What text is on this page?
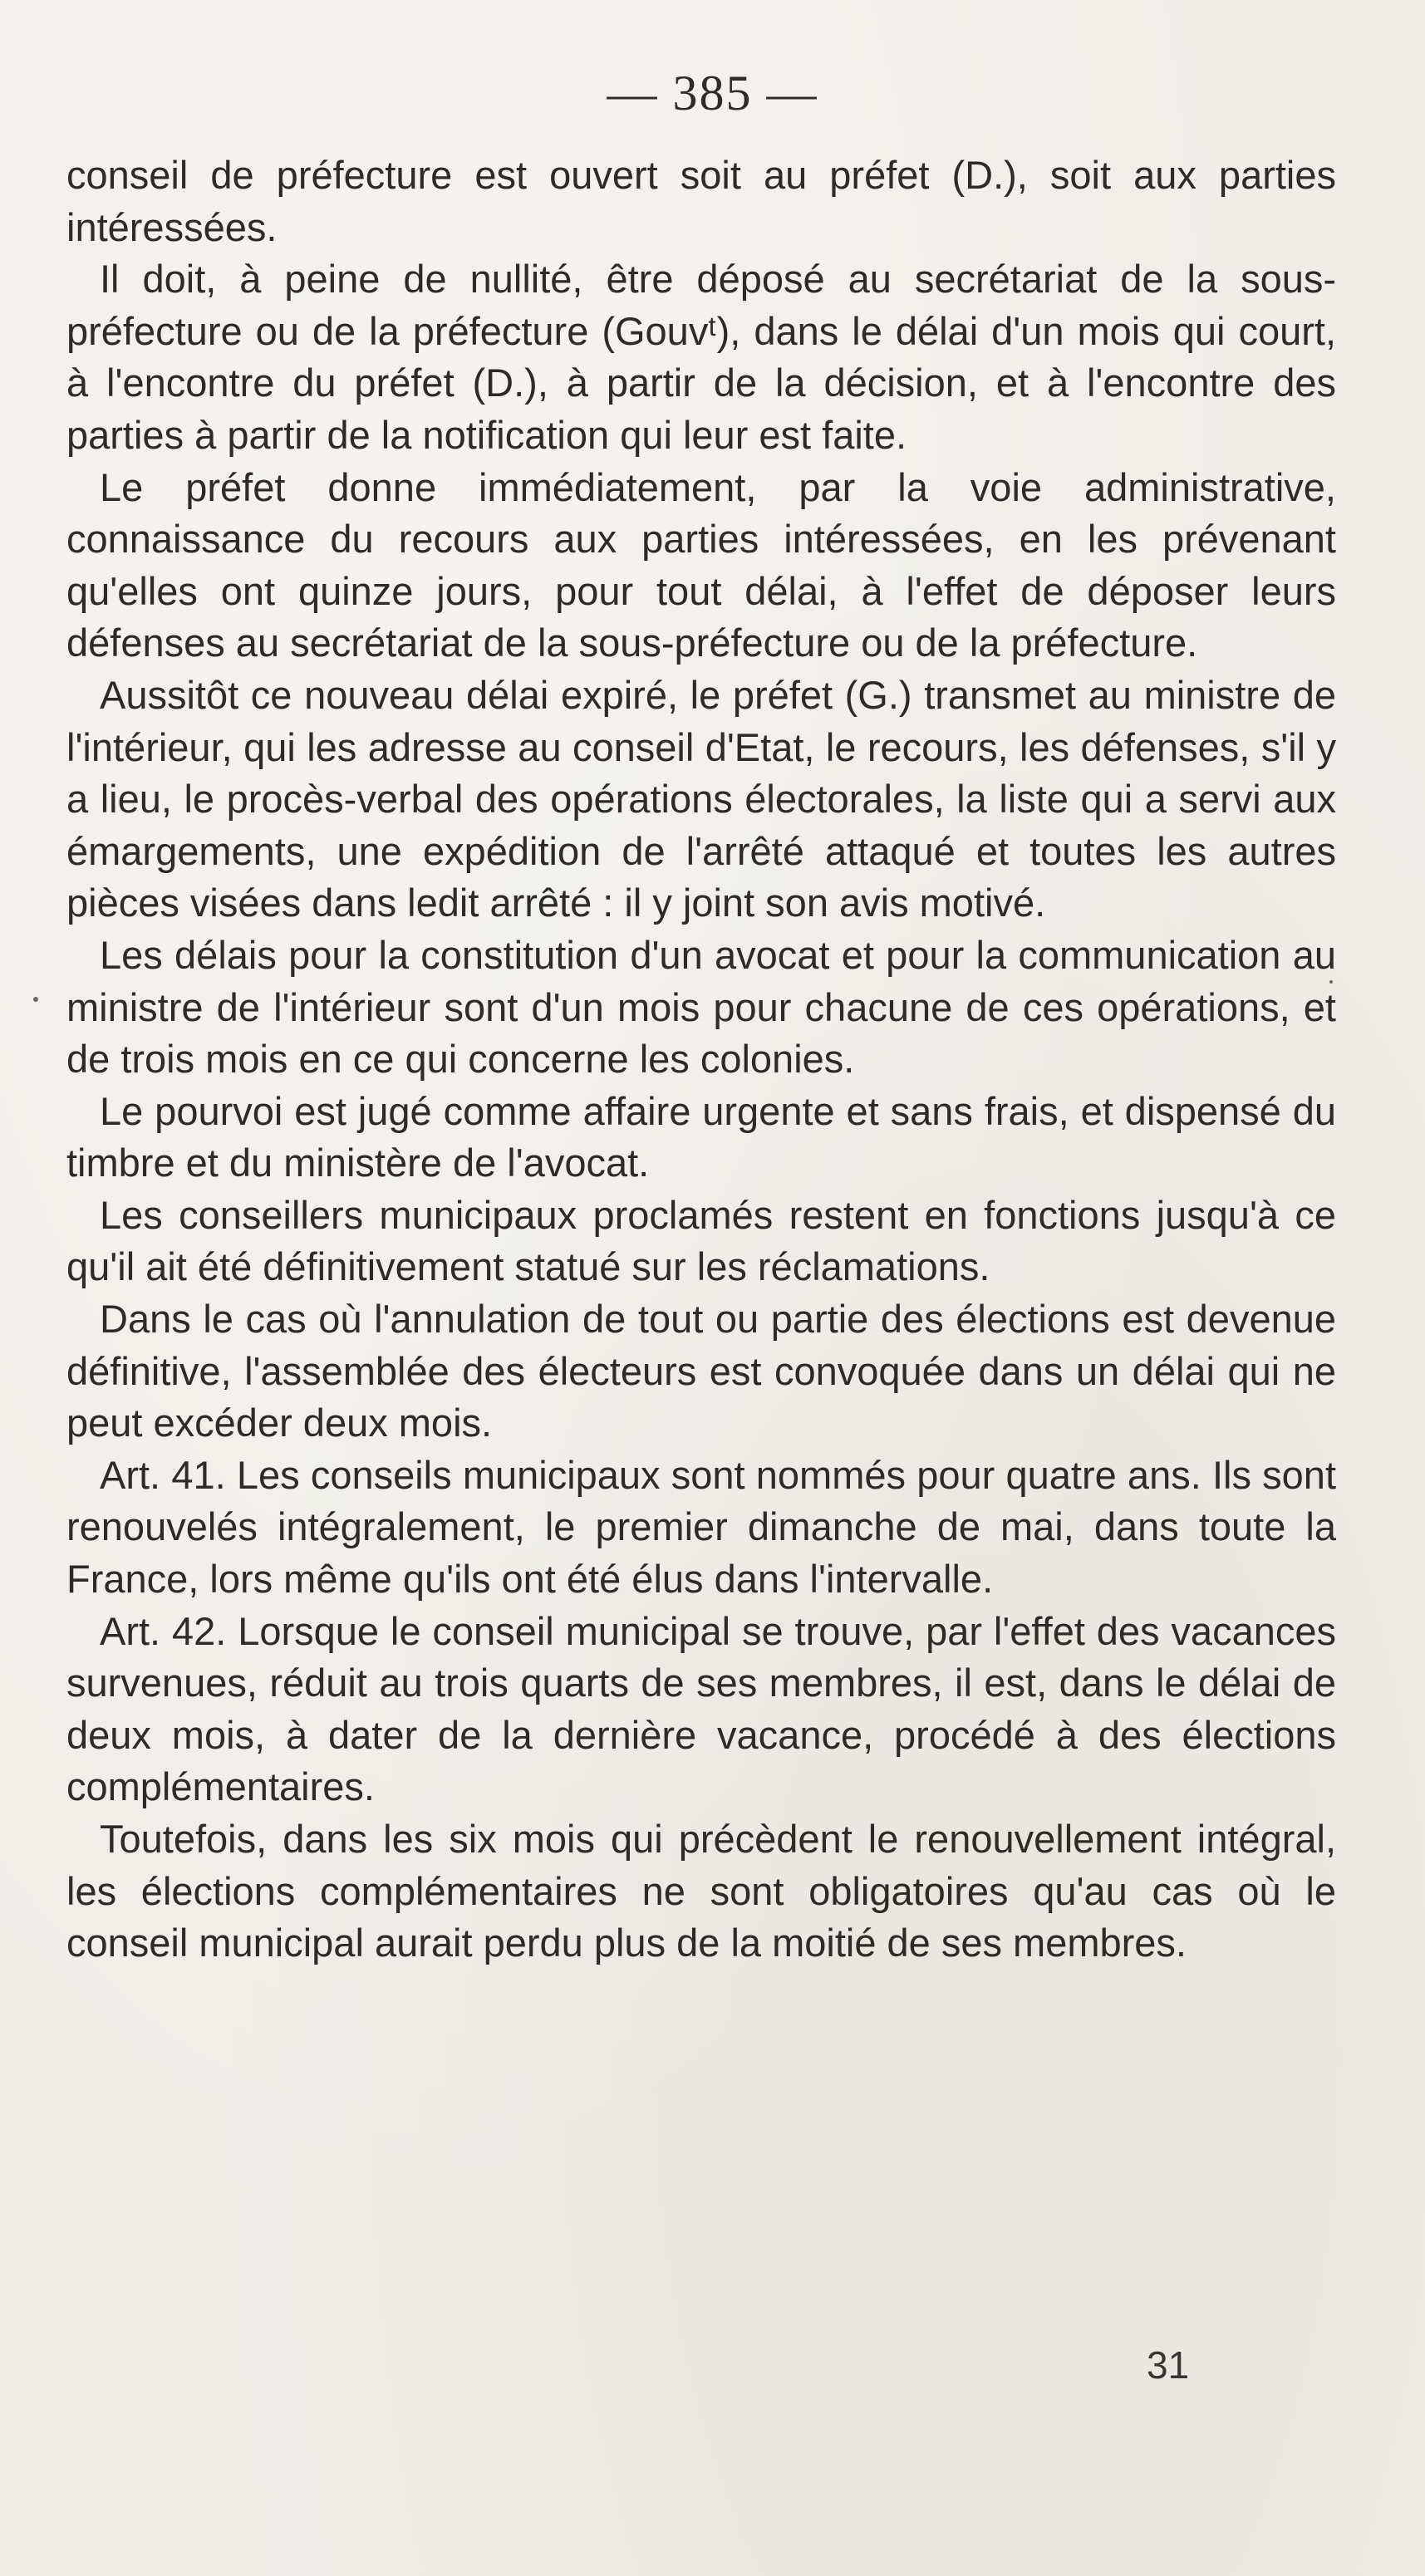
— 385 —

conseil de préfecture est ouvert soit au préfet (D.), soit aux parties intéressées.

Il doit, à peine de nullité, être déposé au secrétariat de la sous-préfecture ou de la préfecture (Gouvᵗ), dans le délai d'un mois qui court, à l'encontre du préfet (D.), à partir de la décision, et à l'encontre des parties à partir de la notification qui leur est faite.

Le préfet donne immédiatement, par la voie administrative, connaissance du recours aux parties intéressées, en les prévenant qu'elles ont quinze jours, pour tout délai, à l'effet de déposer leurs défenses au secrétariat de la sous-préfecture ou de la préfecture.

Aussitôt ce nouveau délai expiré, le préfet (G.) transmet au ministre de l'intérieur, qui les adresse au conseil d'Etat, le recours, les défenses, s'il y a lieu, le procès-verbal des opérations électorales, la liste qui a servi aux émargements, une expédition de l'arrêté attaqué et toutes les autres pièces visées dans ledit arrêté : il y joint son avis motivé.

Les délais pour la constitution d'un avocat et pour la communication au ministre de l'intérieur sont d'un mois pour chacune de ces opérations, et de trois mois en ce qui concerne les colonies.

Le pourvoi est jugé comme affaire urgente et sans frais, et dispensé du timbre et du ministère de l'avocat.

Les conseillers municipaux proclamés restent en fonctions jusqu'à ce qu'il ait été définitivement statué sur les réclamations.

Dans le cas où l'annulation de tout ou partie des élections est devenue définitive, l'assemblée des électeurs est convoquée dans un délai qui ne peut excéder deux mois.

Art. 41. Les conseils municipaux sont nommés pour quatre ans. Ils sont renouvelés intégralement, le premier dimanche de mai, dans toute la France, lors même qu'ils ont été élus dans l'intervalle.

Art. 42. Lorsque le conseil municipal se trouve, par l'effet des vacances survenues, réduit au trois quarts de ses membres, il est, dans le délai de deux mois, à dater de la dernière vacance, procédé à des élections complémentaires.

Toutefois, dans les six mois qui précèdent le renouvellement intégral, les élections complémentaires ne sont obligatoires qu'au cas où le conseil municipal aurait perdu plus de la moitié de ses membres.

31
